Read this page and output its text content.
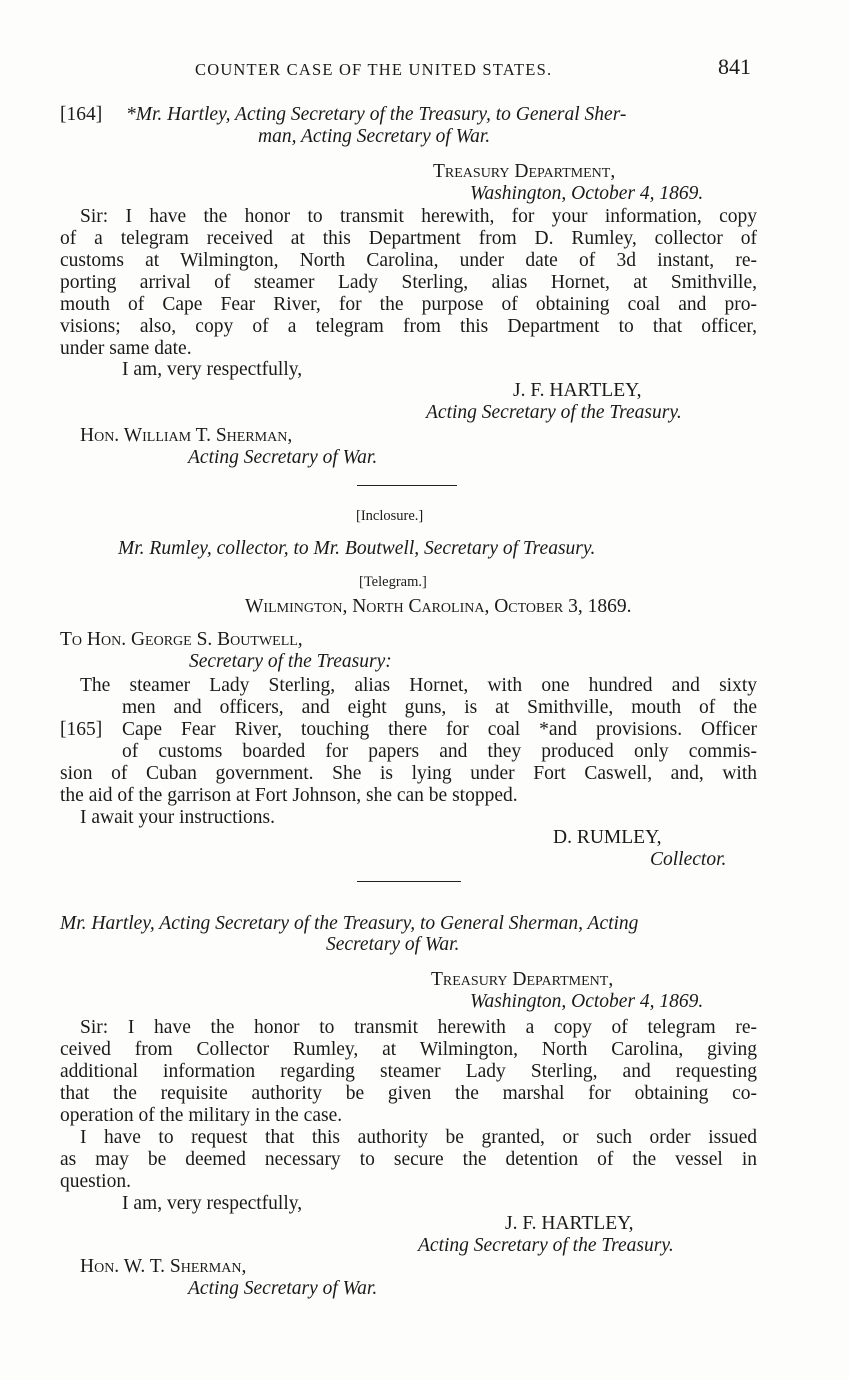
COUNTER CASE OF THE UNITED STATES.	841
[164] *Mr. Hartley, Acting Secretary of the Treasury, to General Sher-
man, Acting Secretary of War.
Treasury Department,
Washington, October 4, 1869.
Sir: I have the honor to transmit herewith, for your information, copy
of a telegram received at this Department from D. Rumley, collector of
customs at Wilmington, North Carolina, under date of 3d instant, re-
porting arrival of steamer Lady Sterling, alias Hornet, at Smithville,
mouth of Cape Fear River, for the purpose of obtaining coal and pro-
visions; also, copy of a telegram from this Department to that officer,
under same date.
I am, very respectfully,
J. F. HARTLEY,
Acting Secretary of the Treasury.
Hon. William T. Sherman,
Acting Secretary of War.
[Inclosure.]
Mr. Rumley, collector, to Mr. Boutwell, Secretary of Treasury.
[Telegram.]
Wilmington, North Carolina, October 3, 1869.
To Hon. George S. Boutwell,
Secretary of the Treasury:
The steamer Lady Sterling, alias Hornet, with one hundred and sixty
men and officers, and eight guns, is at Smithville, mouth of the
[165] Cape Fear River, touching there for coal *and provisions. Officer
of customs boarded for papers and they produced only commis-
sion of Cuban government. She is lying under Fort Caswell, and, with
the aid of the garrison at Fort Johnson, she can be stopped.
I await your instructions.
D. RUMLEY,
Collector.
Mr. Hartley, Acting Secretary of the Treasury, to General Sherman, Acting
Secretary of War.
Treasury Department,
Washington, October 4, 1869.
Sir: I have the honor to transmit herewith a copy of telegram re-
ceived from Collector Rumley, at Wilmington, North Carolina, giving
additional information regarding steamer Lady Sterling, and requesting
that the requisite authority be given the marshal for obtaining co-
operation of the military in the case.
I have to request that this authority be granted, or such order issued
as may be deemed necessary to secure the detention of the vessel in
question.
I am, very respectfully,
J. F. HARTLEY,
Acting Secretary of the Treasury.
Hon. W. T. Sherman,
Acting Secretary of War.
